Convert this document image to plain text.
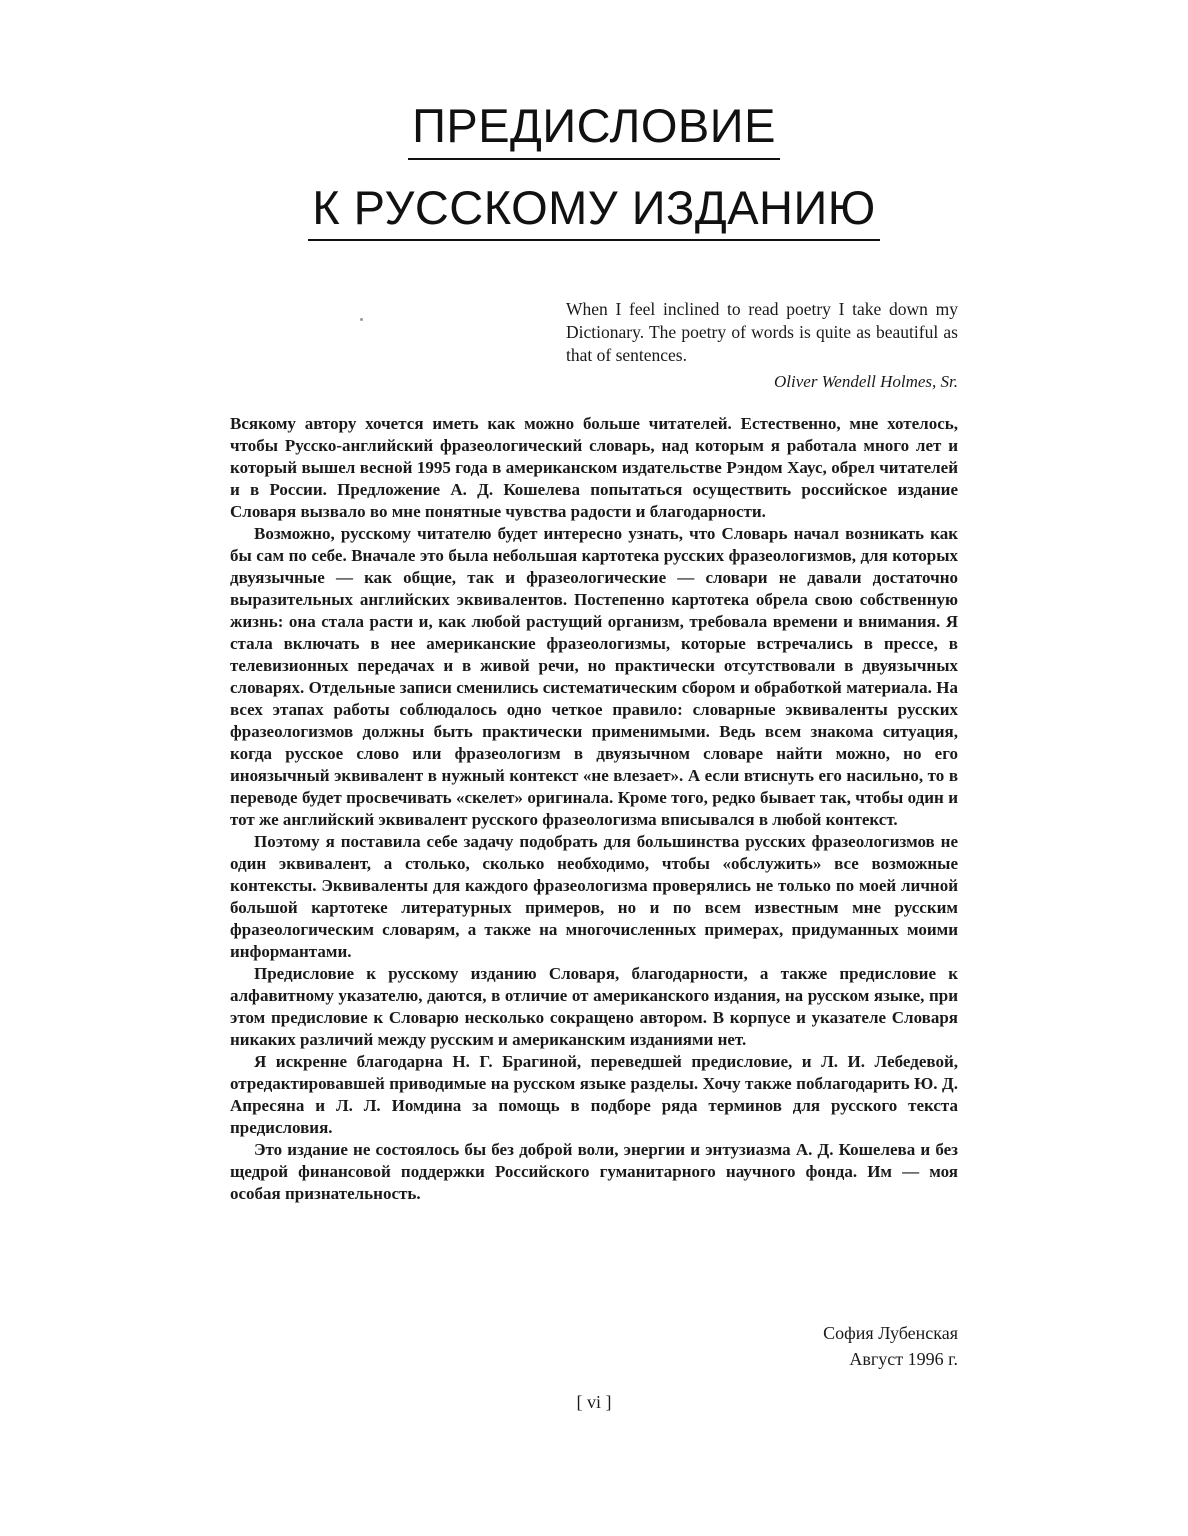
ПРЕДИСЛОВИЕ
К РУССКОМУ ИЗДАНИЮ
When I feel inclined to read poetry I take down my Dictionary. The poetry of words is quite as beautiful as that of sentences.
Oliver Wendell Holmes, Sr.

Всякому автору хочется иметь как можно больше читателей. Естественно, мне хотелось, чтобы Русско-английский фразеологический словарь, над которым я работала много лет и который вышел весной 1995 года в американском издательстве Рэндом Хаус, обрел читателей и в России. Предложение А. Д. Кошелева попытаться осуществить российское издание Словаря вызвало во мне понятные чувства радости и благодарности.

Возможно, русскому читателю будет интересно узнать, что Словарь начал возникать как бы сам по себе. Вначале это была небольшая картотека русских фразеологизмов, для которых двуязычные — как общие, так и фразеологические — словари не давали достаточно выразительных английских эквивалентов. Постепенно картотека обрела свою собственную жизнь: она стала расти и, как любой растущий организм, требовала времени и внимания. Я стала включать в нее американские фразеологизмы, которые встречались в прессе, в телевизионных передачах и в живой речи, но практически отсутствовали в двуязычных словарях. Отдельные записи сменились систематическим сбором и обработкой материала. На всех этапах работы соблюдалось одно четкое правило: словарные эквиваленты русских фразеологизмов должны быть практически применимыми. Ведь всем знакома ситуация, когда русское слово или фразеологизм в двуязычном словаре найти можно, но его иноязычный эквивалент в нужный контекст «не влезает». А если втиснуть его насильно, то в переводе будет просвечивать «скелет» оригинала. Кроме того, редко бывает так, чтобы один и тот же английский эквивалент русского фразеологизма вписывался в любой контекст.

Поэтому я поставила себе задачу подобрать для большинства русских фразеологизмов не один эквивалент, а столько, сколько необходимо, чтобы «обслужить» все возможные контексты. Эквиваленты для каждого фразеологизма проверялись не только по моей личной большой картотеке литературных примеров, но и по всем известным мне русским фразеологическим словарям, а также на многочисленных примерах, придуманных моими информантами.

Предисловие к русскому изданию Словаря, благодарности, а также предисловие к алфавитному указателю, даются, в отличие от американского издания, на русском языке, при этом предисловие к Словарю несколько сокращено автором. В корпусе и указателе Словаря никаких различий между русским и американским изданиями нет.

Я искренне благодарна Н. Г. Брагиной, переведшей предисловие, и Л. И. Лебедевой, отредактировавшей приводимые на русском языке разделы. Хочу также поблагодарить Ю. Д. Апресяна и Л. Л. Иомдина за помощь в подборе ряда терминов для русского текста предисловия.

Это издание не состоялось бы без доброй воли, энергии и энтузиазма А. Д. Кошелева и без щедрой финансовой поддержки Российского гуманитарного научного фонда. Им — моя особая признательность.

София Лубенская
Август 1996 г.
[ vi ]
